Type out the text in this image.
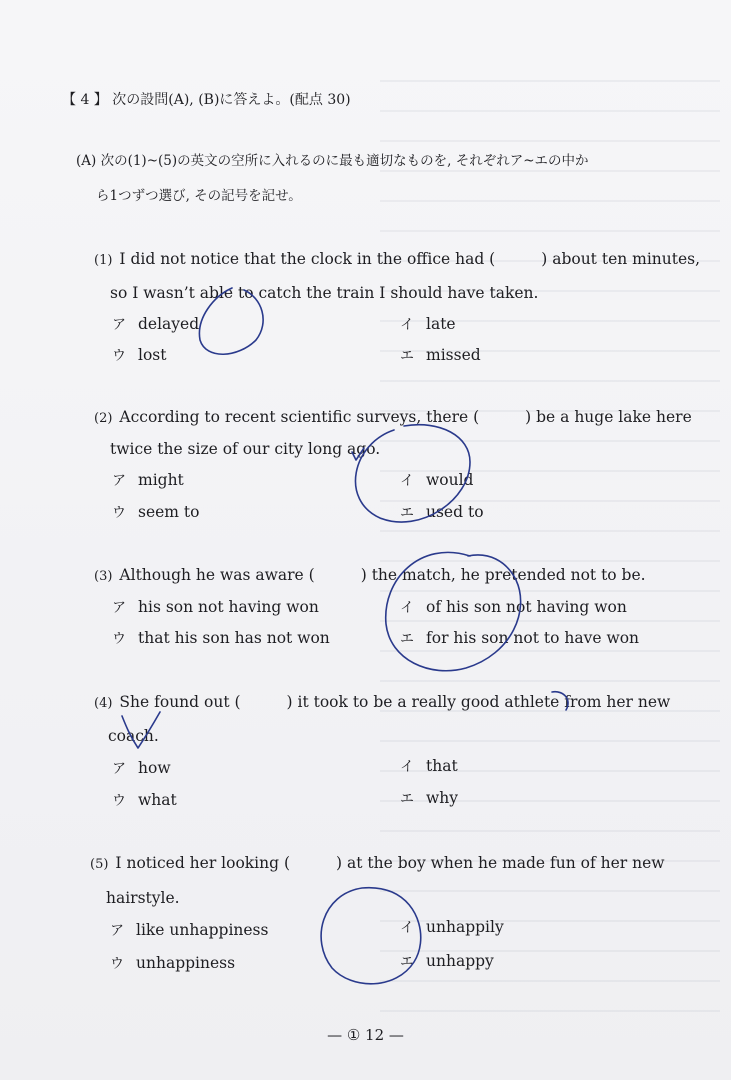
【 4 】 次の設問(A), (B)に答えよ。(配点 30)
(A) 次の(1)~(5)の英文の空所に入れるのに最も適切なものを, それぞれア~エの中か
ら1つずつ選び, その記号を記せ。
(1) I did not notice that the clock in the office had (	) about ten minutes,
so I wasn’t able to catch the train I should have taken.
ア delayed	イ late
ウ lost	エ missed
(2) According to recent scientific surveys, there (	) be a huge lake here
twice the size of our city long ago.
ア might	イ would
ウ seem to	エ used to
(3) Although he was aware (	) the match, he pretended not to be.
ア his son not having won	イ of his son not having won
ウ that his son has not won	エ for his son not to have won
(4) She found out (	) it took to be a really good athlete from her new
coach.
ア how	イ that
ウ what	エ why
(5) I noticed her looking (	) at the boy when he made fun of her new
hairstyle.
ア like unhappiness	イ unhappily
ウ unhappiness	エ unhappy
— ① 12 —
